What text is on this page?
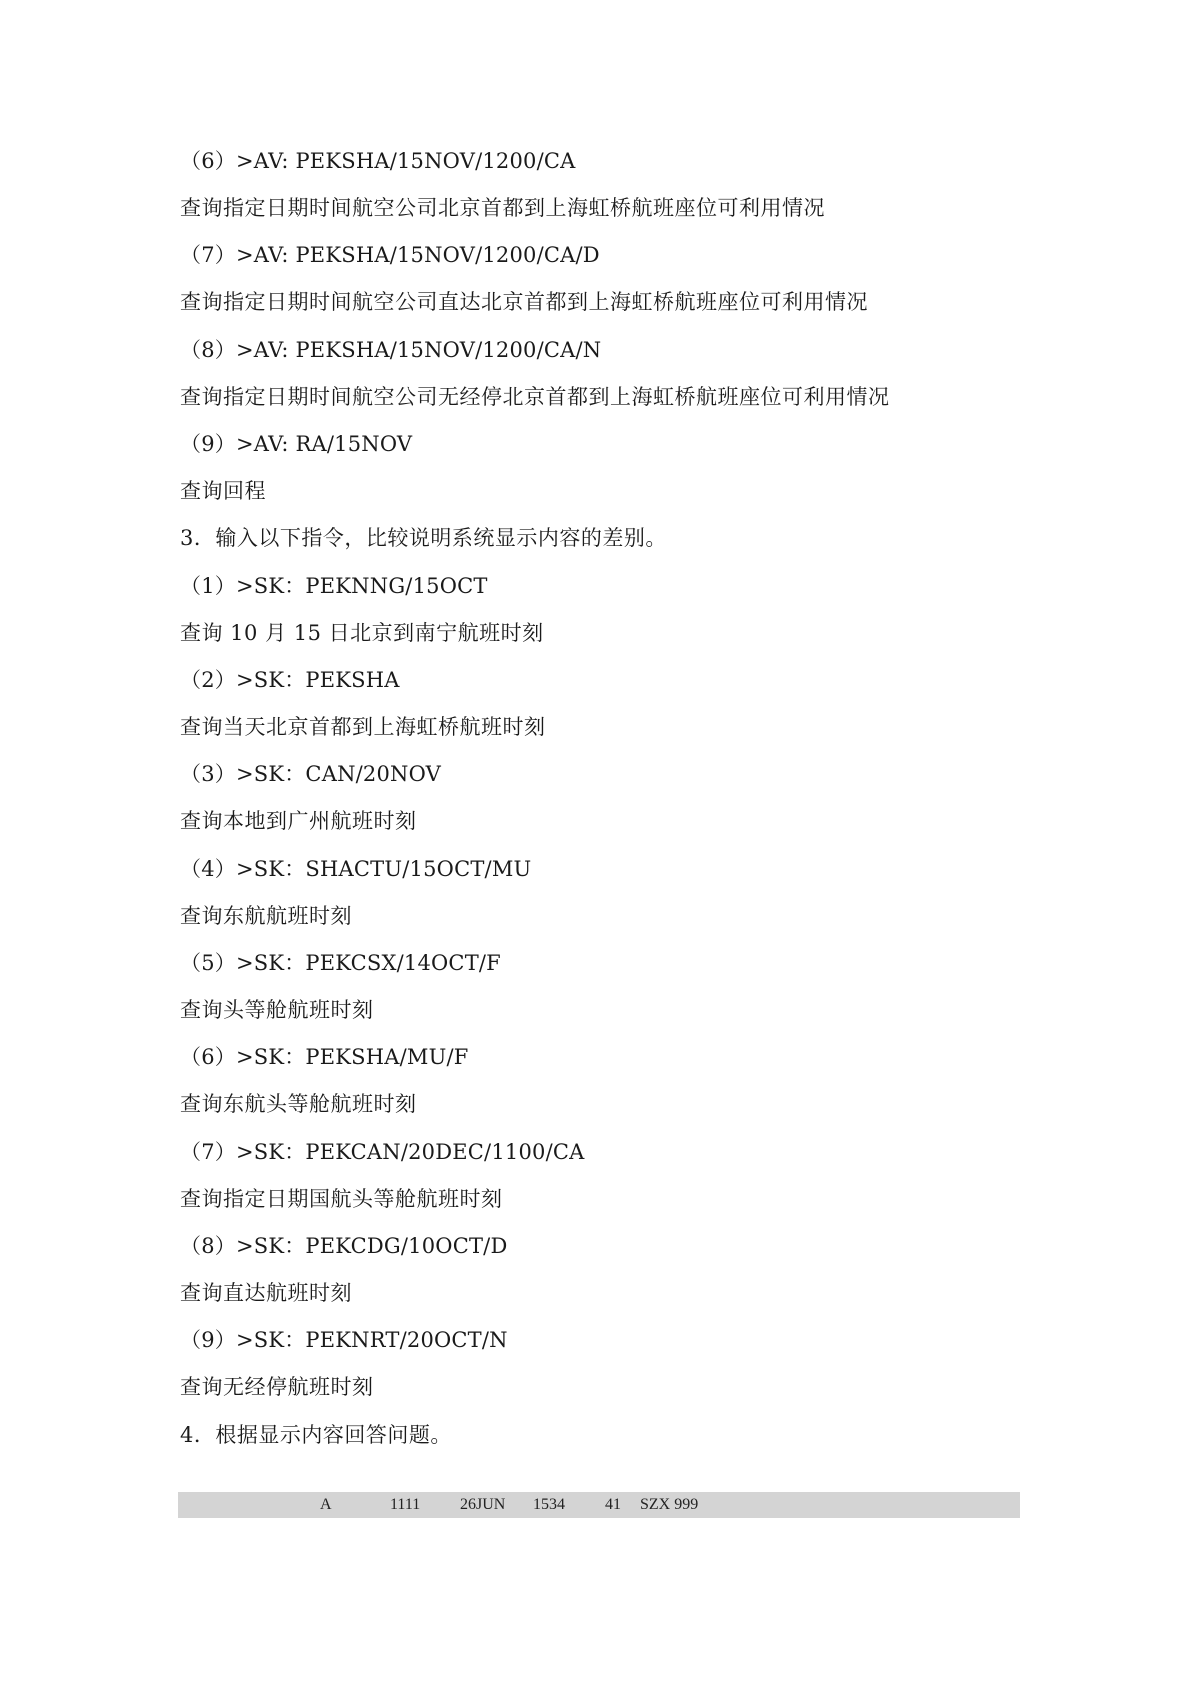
（6）>AV: PEKSHA/15NOV/1200/CA
查询指定日期时间航空公司北京首都到上海虹桥航班座位可利用情况
（7）>AV: PEKSHA/15NOV/1200/CA/D
查询指定日期时间航空公司直达北京首都到上海虹桥航班座位可利用情况
（8）>AV: PEKSHA/15NOV/1200/CA/N
查询指定日期时间航空公司无经停北京首都到上海虹桥航班座位可利用情况
（9）>AV: RA/15NOV
查询回程
3．输入以下指令，比较说明系统显示内容的差别。
（1）>SK：PEKNNG/15OCT
查询 10 月 15 日北京到南宁航班时刻
（2）>SK：PEKSHA
查询当天北京首都到上海虹桥航班时刻
（3）>SK：CAN/20NOV
查询本地到广州航班时刻
（4）>SK：SHACTU/15OCT/MU
查询东航航班时刻
（5）>SK：PEKCSX/14OCT/F
查询头等舱航班时刻
（6）>SK：PEKSHA/MU/F
查询东航头等舱航班时刻
（7）>SK：PEKCAN/20DEC/1100/CA
查询指定日期国航头等舱航班时刻
（8）>SK：PEKCDG/10OCT/D
查询直达航班时刻
（9）>SK：PEKNRT/20OCT/N
查询无经停航班时刻
4．根据显示内容回答问题。
A	1111 26JUN 1534	41 SZX 999
